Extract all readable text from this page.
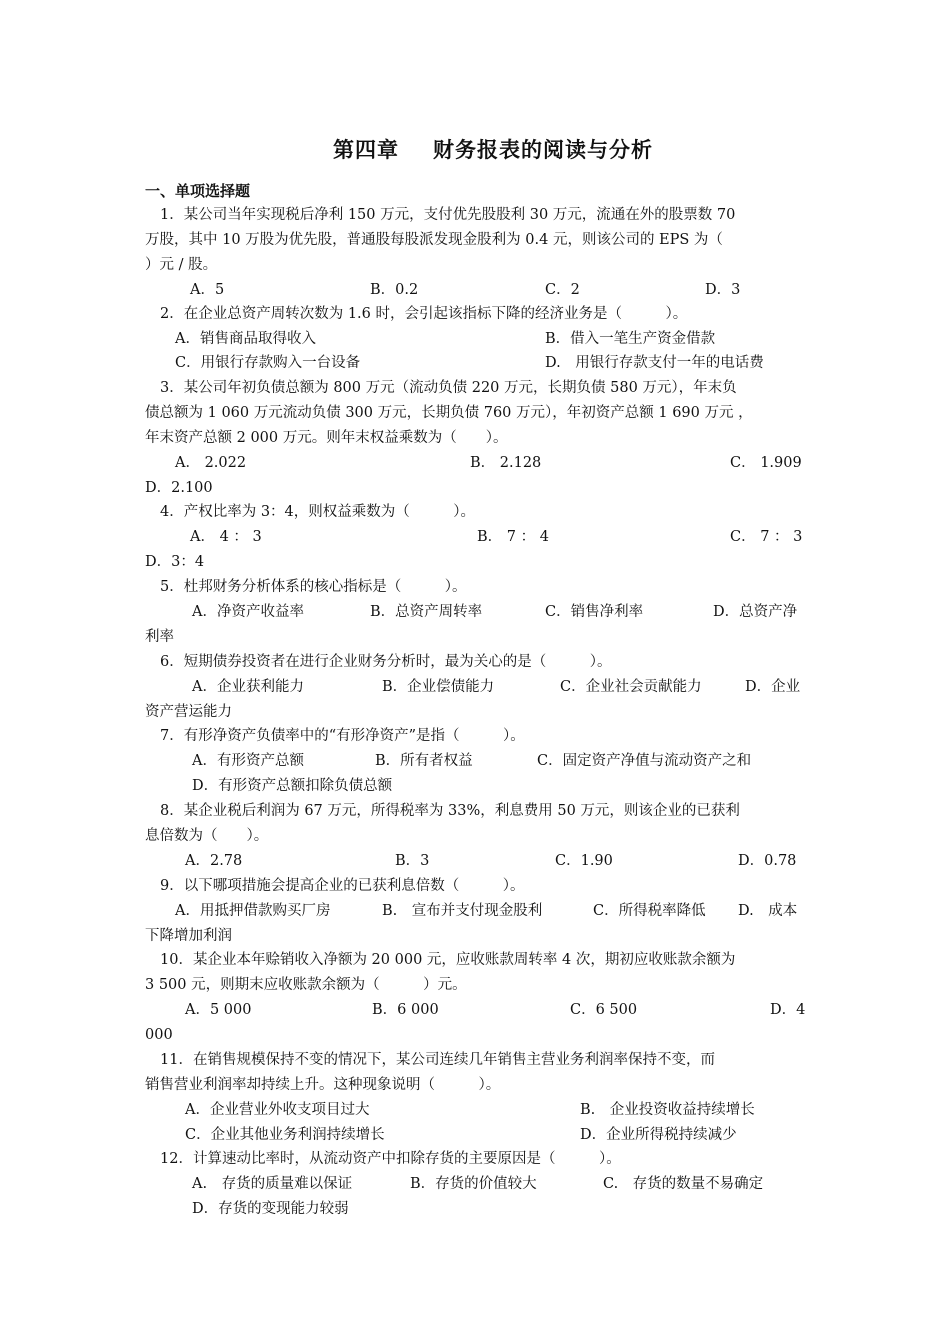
第四章 财务报表的阅读与分析
一、单项选择题
1．某公司当年实现税后净利 150 万元，支付优先股股利 30 万元，流通在外的股票数 70
万股，其中 10 万股为优先股，普通股每股派发现金股利为 0.4 元，则该公司的 EPS 为（
）元 / 股。
A．5	B．0.2	C．2	D．3
2．在企业总资产周转次数为 1.6 时，会引起该指标下降的经济业务是（　　　）。
A．销售商品取得收入	B．借入一笔生产资金借款
C．用银行存款购入一台设备	D.　用银行存款支付一年的电话费
3．某公司年初负债总额为 800 万元（流动负债 220 万元，长期负债 580 万元），年末负
债总额为 1 060 万元流动负债 300 万元，长期负债 760 万元），年初资产总额 1 690 万元 ，
年末资产总额 2 000 万元。则年末权益乘数为（　　）。
A． 2.022	B． 2.128	C． 1.909
D．2.100
4．产权比率为 3：4，则权益乘数为（　　　）。
A． 4 ： 3	B． 7 ： 4	C． 7 ： 3
D．3：4
5．杜邦财务分析体系的核心指标是（　　　）。
A．净资产收益率	B．总资产周转率	C．销售净利率	D．总资产净
利率
6．短期债券投资者在进行企业财务分析时，最为关心的是（　　　）。
A．企业获利能力	B．企业偿债能力	C．企业社会贡献能力	D．企业
资产营运能力
7．有形净资产负债率中的“有形净资产”是指（　　　）。
A．有形资产总额	B．所有者权益	C．固定资产净值与流动资产之和
D．有形资产总额扣除负债总额
8．某企业税后利润为 67 万元，所得税率为 33%，利息费用 50 万元，则该企业的已获利
息倍数为（　　）。
A．2.78	B．3	C．1.90	D．0.78
9．以下哪项措施会提高企业的已获利息倍数（　　　）。
A．用抵押借款购买厂房	B.　宣布并支付现金股利	C．所得税率降低 D.　成本
下降增加利润
10．某企业本年赊销收入净额为 20 000 元，应收账款周转率 4 次，期初应收账款余额为
3 500 元，则期末应收账款余额为（　　　）元。
A．5 000	B．6 000	C．6 500	D．4
000
11．在销售规模保持不变的情况下，某公司连续几年销售主营业务利润率保持不变，而
销售营业利润率却持续上升。这种现象说明（　　　）。
A．企业营业外收支项目过大	B.　企业投资收益持续增长
C．企业其他业务利润持续增长	D．企业所得税持续减少
12．计算速动比率时，从流动资产中扣除存货的主要原因是（　　　）。
A.　存货的质量难以保证	B．存货的价值较大	C.　存货的数量不易确定
D．存货的变现能力较弱
